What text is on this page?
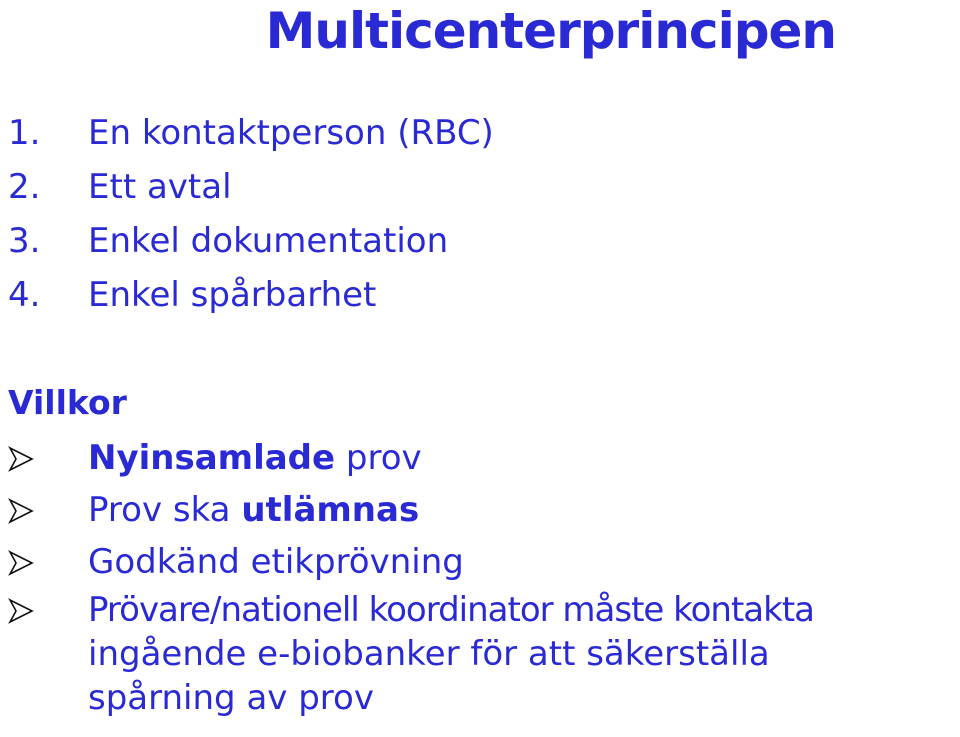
Multicenterprincipen
1. En kontaktperson (RBC)
2. Ett avtal
3. Enkel dokumentation
4. Enkel spårbarhet
Villkor
Nyinsamlade prov
Prov ska utlämnas
Godkänd etikprövning
Prövare/nationell koordinator måste kontakta
ingående e-biobanker för att säkerställa
spårning av prov
